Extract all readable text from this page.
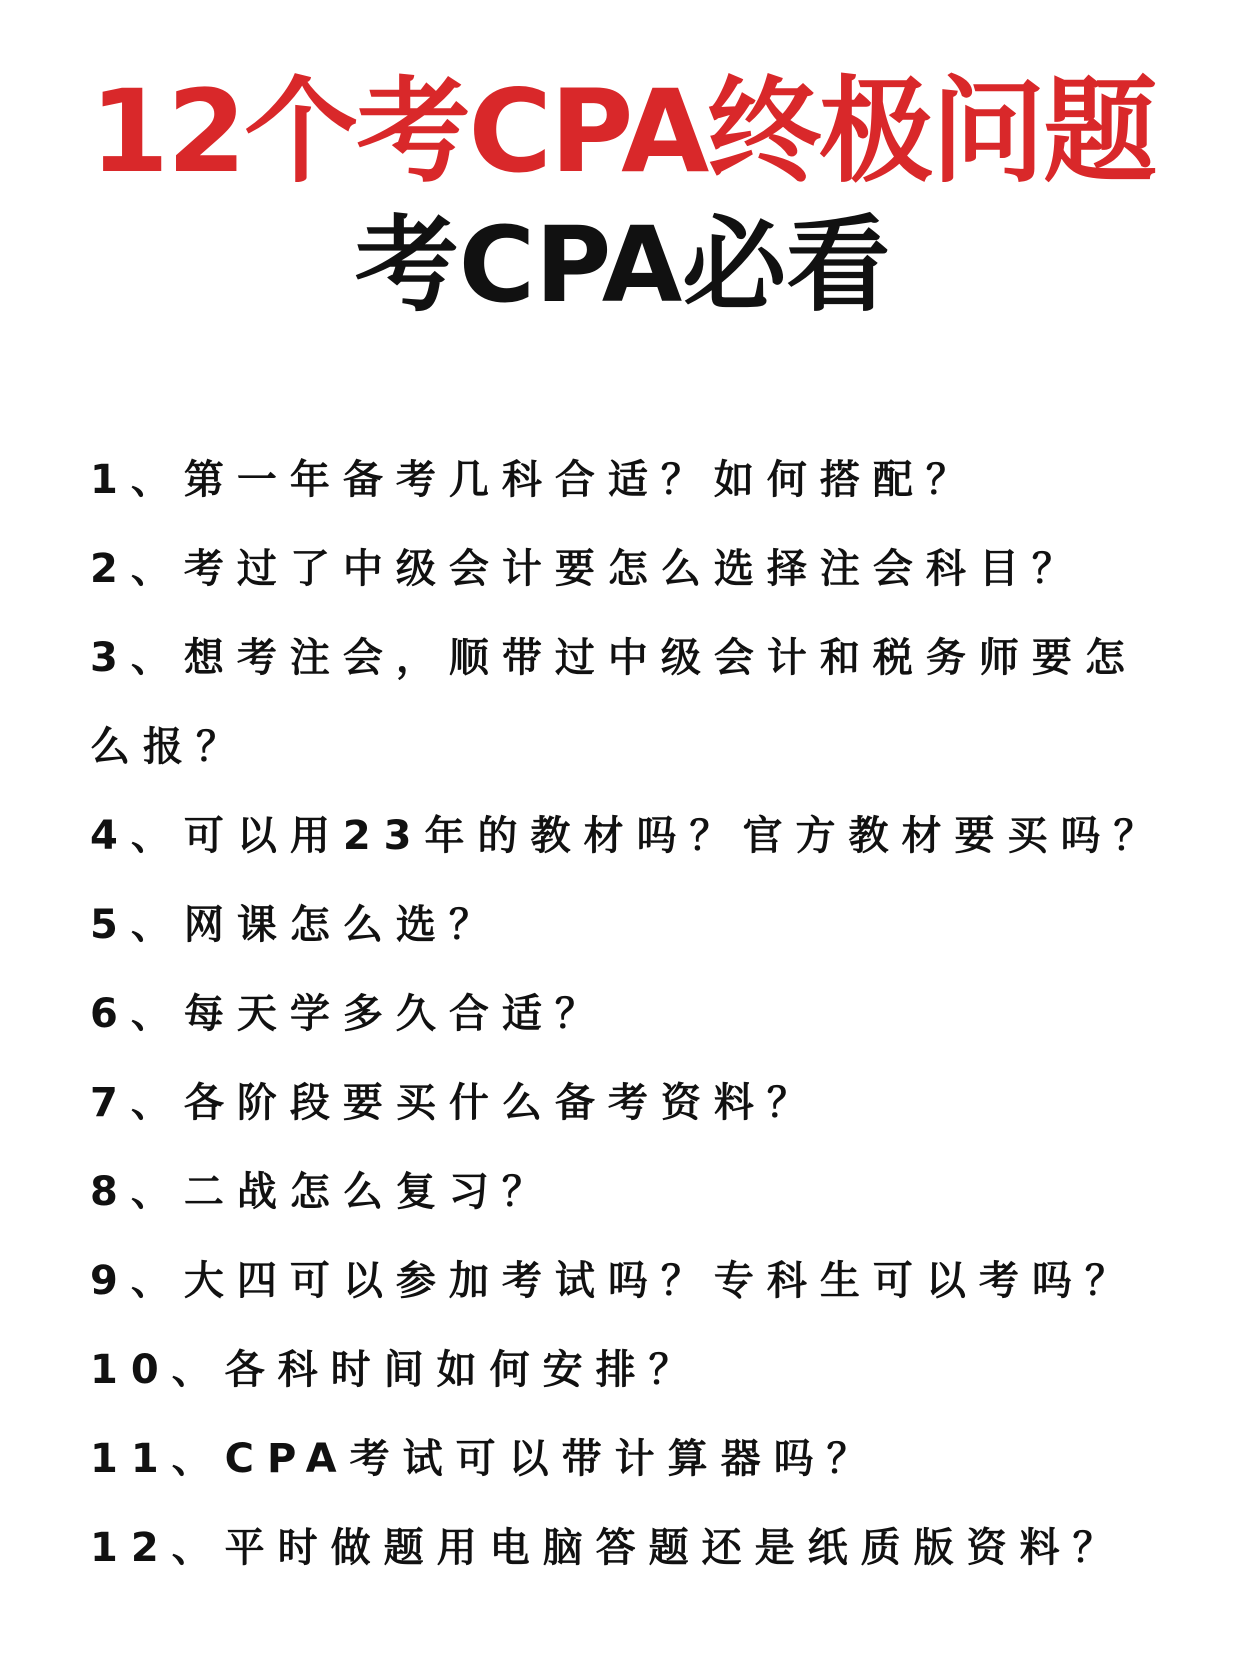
12个考CPA终极问题
考CPA必看
1、第一年备考几科合适？如何搭配？
2、考过了中级会计要怎么选择注会科目？
3、想考注会，顺带过中级会计和税务师要怎么报？
4、可以用23年的教材吗？官方教材要买吗？
5、网课怎么选？
6、每天学多久合适？
7、各阶段要买什么备考资料？
8、二战怎么复习？
9、大四可以参加考试吗？专科生可以考吗？
10、各科时间如何安排？
11、CPA考试可以带计算器吗？
12、平时做题用电脑答题还是纸质版资料？
